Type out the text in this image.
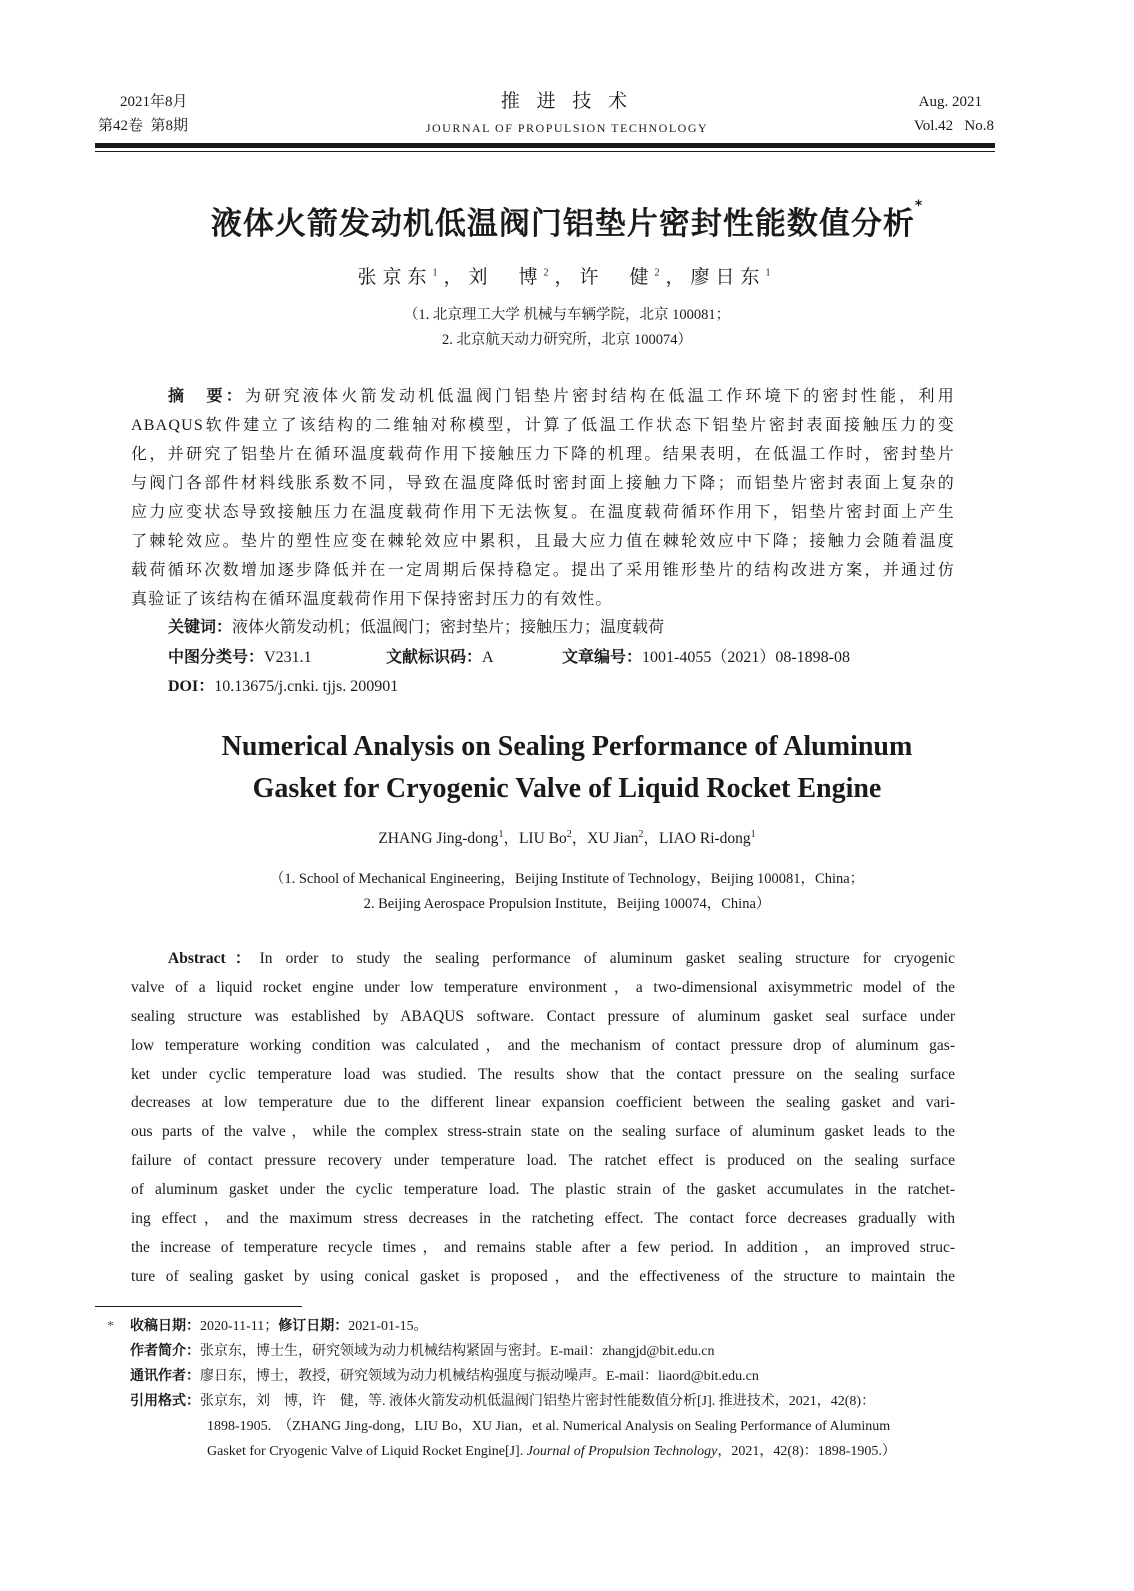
2021年8月
第42卷  第8期
推 进 技 术
JOURNAL OF PROPULSION TECHNOLOGY
Aug. 2021
Vol.42   No.8
液体火箭发动机低温阀门铝垫片密封性能数值分析*
张京东$^1$，刘　博$^2$，许　健$^2$，廖日东$^1$
（1. 北京理工大学 机械与车辆学院，北京 100081；
2. 北京航天动力研究所，北京 100074）
摘　要：为研究液体火箭发动机低温阀门铝垫片密封结构在低温工作环境下的密封性能，利用
ABAQUS软件建立了该结构的二维轴对称模型，计算了低温工作状态下铝垫片密封表面接触压力的变
化，并研究了铝垫片在循环温度载荷作用下接触压力下降的机理。结果表明，在低温工作时，密封垫片
与阀门各部件材料线胀系数不同，导致在温度降低时密封面上接触力下降；而铝垫片密封表面上复杂的
应力应变状态导致接触压力在温度载荷作用下无法恢复。在温度载荷循环作用下，铝垫片密封面上产生
了棘轮效应。垫片的塑性应变在棘轮效应中累积，且最大应力值在棘轮效应中下降；接触力会随着温度
载荷循环次数增加逐步降低并在一定周期后保持稳定。提出了采用锥形垫片的结构改进方案，并通过仿
真验证了该结构在循环温度载荷作用下保持密封压力的有效性。
关键词：液体火箭发动机；低温阀门；密封垫片；接触压力；温度载荷
中图分类号：V231.1	文献标识码：A	文章编号：1001-4055（2021）08-1898-08
DOI：10.13675/j.cnki. tjjs. 200901
Numerical Analysis on Sealing Performance of Aluminum
Gasket for Cryogenic Valve of Liquid Rocket Engine
ZHANG Jing-dong$^1$，LIU Bo$^2$，XU Jian$^2$，LIAO Ri-dong$^1$
（1. School of Mechanical Engineering，Beijing Institute of Technology，Beijing 100081，China；
2. Beijing Aerospace Propulsion Institute，Beijing 100074，China）
Abstract：In order to study the sealing performance of aluminum gasket sealing structure for cryogenic
valve of a liquid rocket engine under low temperature environment，a two-dimensional axisymmetric model of the
sealing structure was established by ABAQUS software. Contact pressure of aluminum gasket seal surface under
low temperature working condition was calculated，and the mechanism of contact pressure drop of aluminum gas-
ket under cyclic temperature load was studied. The results show that the contact pressure on the sealing surface
decreases at low temperature due to the different linear expansion coefficient between the sealing gasket and vari-
ous parts of the valve，while the complex stress-strain state on the sealing surface of aluminum gasket leads to the
failure of contact pressure recovery under temperature load. The ratchet effect is produced on the sealing surface
of aluminum gasket under the cyclic temperature load. The plastic strain of the gasket accumulates in the ratchet-
ing effect，and the maximum stress decreases in the ratcheting effect. The contact force decreases gradually with
the increase of temperature recycle times，and remains stable after a few period. In addition，an improved struc-
ture of sealing gasket by using conical gasket is proposed，and the effectiveness of the structure to maintain the
* 收稿日期：2020-11-11；修订日期：2021-01-15。
作者简介：张京东，博士生，研究领域为动力机械结构紧固与密封。E-mail：zhangjd@bit.edu.cn
通讯作者：廖日东，博士，教授，研究领域为动力机械结构强度与振动噪声。E-mail：liaord@bit.edu.cn
引用格式：张京东，刘　博，许　健，等. 液体火箭发动机低温阀门铝垫片密封性能数值分析[J]. 推进技术，2021，42(8)：
1898-1905.  （ZHANG Jing-dong，LIU Bo，XU Jian，et al. Numerical Analysis on Sealing Performance of Aluminum
Gasket for Cryogenic Valve of Liquid Rocket Engine[J]. Journal of Propulsion Technology，2021，42(8)：1898-1905.）
